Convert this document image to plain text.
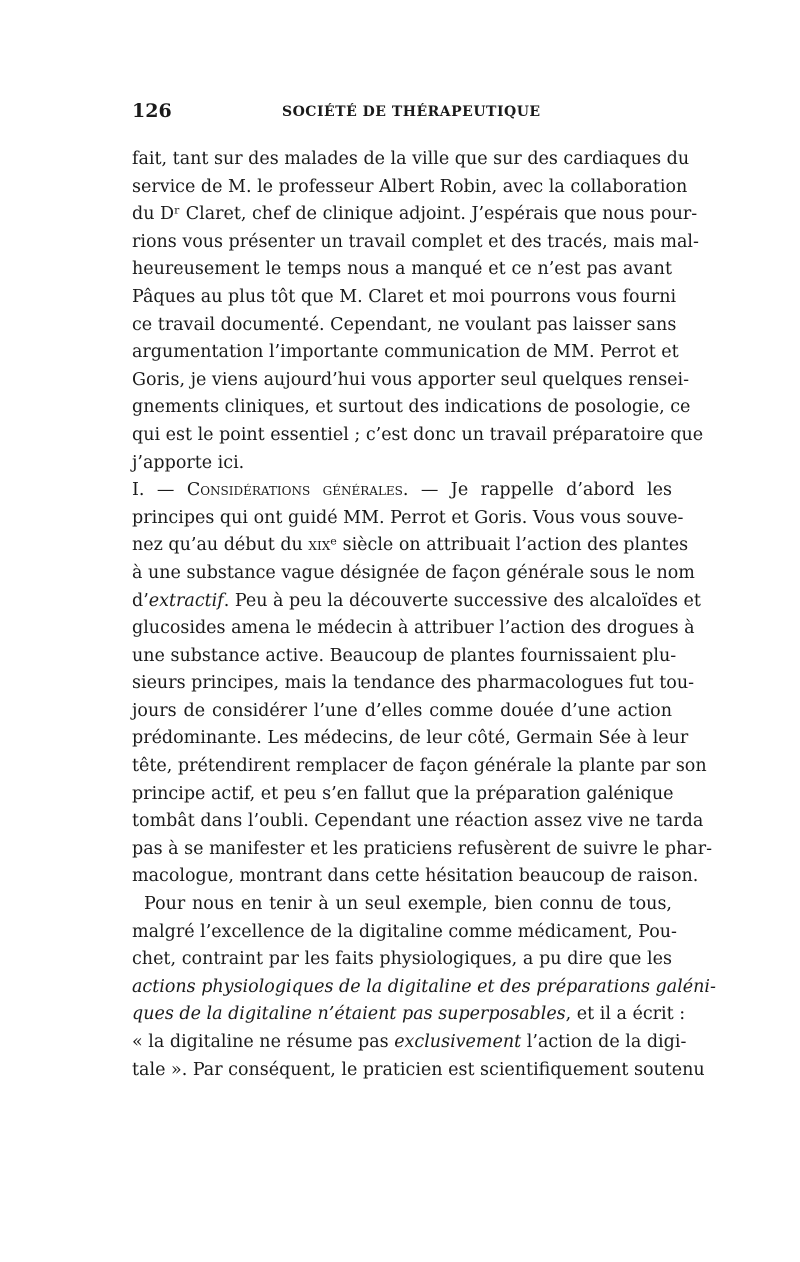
126	SOCIÉTÉ DE THÉRAPEUTIQUE
fait, tant sur des malades de la ville que sur des cardiaques du
service de M. le professeur Albert Robin, avec la collaboration
du Dʳ Claret, chef de clinique adjoint. J’espérais que nous pour-
rions vous présenter un travail complet et des tracés, mais mal-
heureusement le temps nous a manqué et ce n’est pas avant
Pâques au plus tôt que M. Claret et moi pourrons vous fourni
ce travail documenté. Cependant, ne voulant pas laisser sans
argumentation l’importante communication de MM. Perrot et
Goris, je viens aujourd’hui vous apporter seul quelques rensei-
gnements cliniques, et surtout des indications de posologie, ce
qui est le point essentiel ; c’est donc un travail préparatoire que
j’apporte ici.
I. — Considérations générales. — Je rappelle d’abord les
principes qui ont guidé MM. Perrot et Goris. Vous vous souve-
nez qu’au début du xixᵉ siècle on attribuait l’action des plantes
à une substance vague désignée de façon générale sous le nom
d’extractif. Peu à peu la découverte successive des alcaloïdes et
glucosides amena le médecin à attribuer l’action des drogues à
une substance active. Beaucoup de plantes fournissaient plu-
sieurs principes, mais la tendance des pharmacologues fut tou-
jours de considérer l’une d’elles comme douée d’une action
prédominante. Les médecins, de leur côté, Germain Sée à leur
tête, prétendirent remplacer de façon générale la plante par son
principe actif, et peu s’en fallut que la préparation galénique
tombât dans l’oubli. Cependant une réaction assez vive ne tarda
pas à se manifester et les praticiens refusèrent de suivre le phar-
macologue, montrant dans cette hésitation beaucoup de raison.
Pour nous en tenir à un seul exemple, bien connu de tous,
malgré l’excellence de la digitaline comme médicament, Pou-
chet, contraint par les faits physiologiques, a pu dire que les
actions physiologiques de la digitaline et des préparations galéni-
ques de la digitaline n’étaient pas superposables, et il a écrit :
« la digitaline ne résume pas exclusivement l’action de la digi-
tale ». Par conséquent, le praticien est scientifiquement soutenu
